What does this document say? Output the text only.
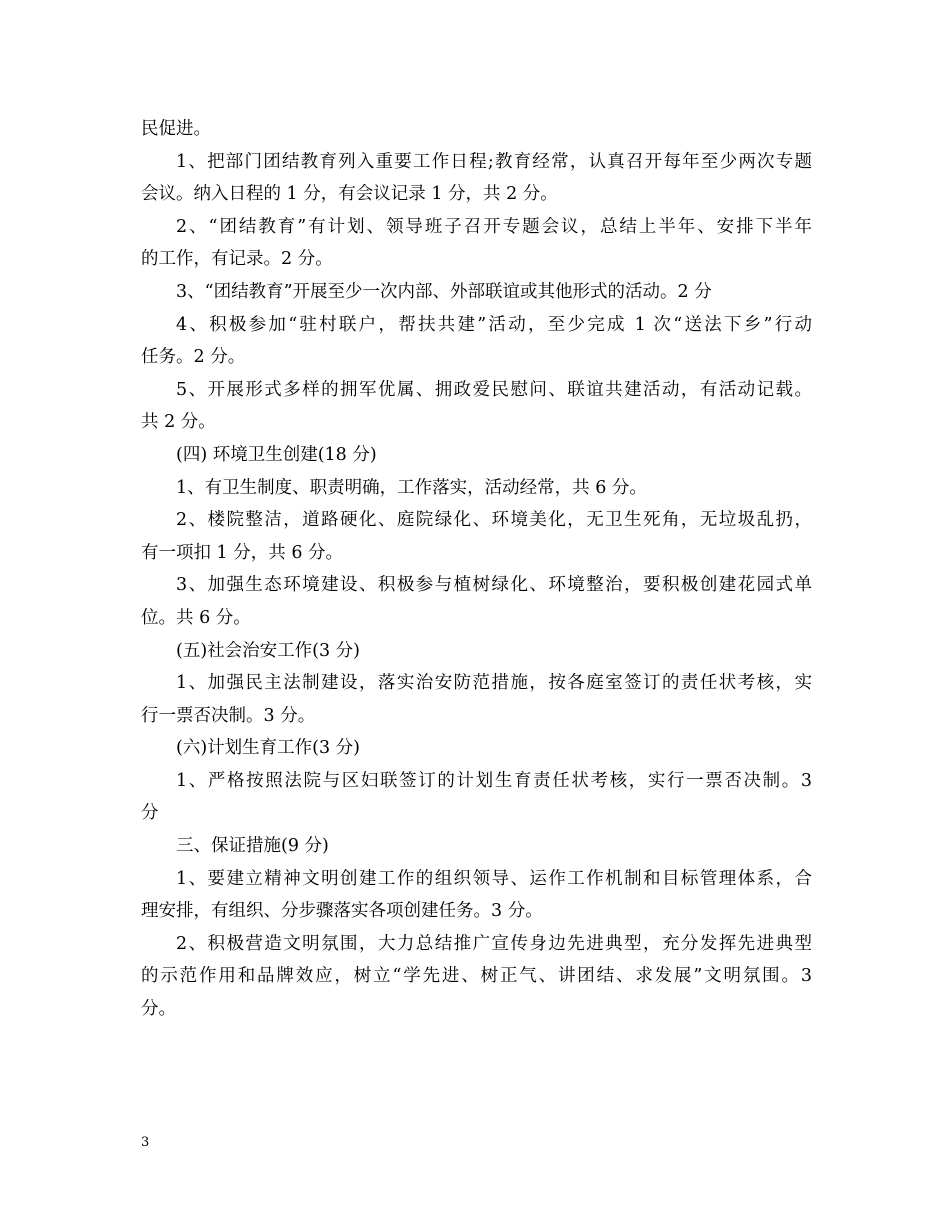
民促进。
1、把部门团结教育列入重要工作日程;教育经常，认真召开每年至少两次专题
会议。纳入日程的 1 分，有会议记录 1 分，共 2 分。
2、“团结教育”有计划、领导班子召开专题会议，总结上半年、安排下半年
的工作，有记录。2 分。
3、“团结教育”开展至少一次内部、外部联谊或其他形式的活动。2 分
4、积极参加“驻村联户，帮扶共建”活动，至少完成 1 次“送法下乡”行动
任务。2 分。
5、开展形式多样的拥军优属、拥政爱民慰问、联谊共建活动，有活动记载。
共 2 分。
(四) 环境卫生创建(18 分)
1、有卫生制度、职责明确，工作落实，活动经常，共 6 分。
2、楼院整洁，道路硬化、庭院绿化、环境美化，无卫生死角，无垃圾乱扔，
有一项扣 1 分，共 6 分。
3、加强生态环境建设、积极参与植树绿化、环境整治，要积极创建花园式单
位。共 6 分。
(五)社会治安工作(3 分)
1、加强民主法制建设，落实治安防范措施，按各庭室签订的责任状考核，实
行一票否决制。3 分。
(六)计划生育工作(3 分)
1、严格按照法院与区妇联签订的计划生育责任状考核，实行一票否决制。3
分
三、保证措施(9 分)
1、要建立精神文明创建工作的组织领导、运作工作机制和目标管理体系，合
理安排，有组织、分步骤落实各项创建任务。3 分。
2、积极营造文明氛围，大力总结推广宣传身边先进典型，充分发挥先进典型
的示范作用和品牌效应，树立“学先进、树正气、讲团结、求发展”文明氛围。3
分。
3
